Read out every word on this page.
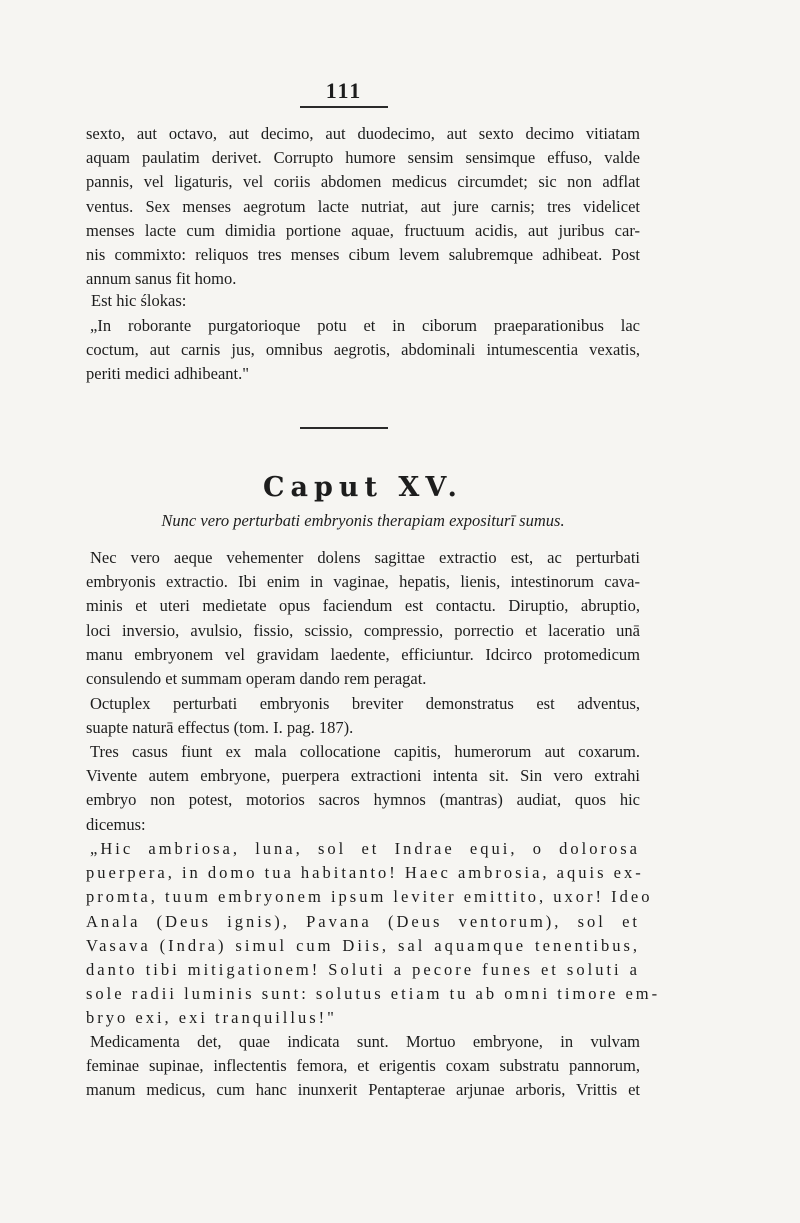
111
sexto, aut octavo, aut decimo, aut duodecimo, aut sexto decimo vitiatam
aquam paulatim derivet. Corrupto humore sensim sensimque effuso, valde
pannis, vel ligaturis, vel coriis abdomen medicus circumdet; sic non adflat
ventus. Sex menses aegrotum lacte nutriat, aut jure carnis; tres videlicet
menses lacte cum dimidia portione aquae, fructuum acidis, aut juribus car-
nis commixto: reliquos tres menses cibum levem salubremque adhibeat. Post
annum sanus fit homo.
Est hic ślokas:
„In roborante purgatorioque potu et in ciborum praeparationibus lac
coctum, aut carnis jus, omnibus aegrotis, abdominali intumescentia vexatis,
periti medici adhibeant."
Caput XV.
Nunc vero perturbati embryonis therapiam expositurī sumus.
Nec vero aeque vehementer dolens sagittae extractio est, ac perturbati
embryonis extractio. Ibi enim in vaginae, hepatis, lienis, intestinorum cava-
minis et uteri medietate opus faciendum est contactu. Diruptio, abruptio,
loci inversio, avulsio, fissio, scissio, compressio, porrectio et laceratio unā
manu embryonem vel gravidam laedente, efficiuntur. Idcirco protomedicum
consulendo et summam operam dando rem peragat.
Octuplex perturbati embryonis breviter demonstratus est adventus,
suapte naturā effectus (tom. I. pag. 187).
Tres casus fiunt ex mala collocatione capitis, humerorum aut coxarum.
Vivente autem embryone, puerpera extractioni intenta sit. Sin vero extrahi
embryo non potest, motorios sacros hymnos (mantras) audiat, quos hic
dicemus:
„Hic ambriosa, luna, sol et Indrae equi, o dolorosa
puerpera, in domo tua habitanto! Haec ambrosia, aquis ex-
promta, tuum embryonem ipsum leviter emittito, uxor! Ideo
Anala (Deus ignis), Pavana (Deus ventorum), sol et
Vasava (Indra) simul cum Diis, sal aquamque tenentibus,
danto tibi mitigationem! Soluti a pecore funes et soluti a
sole radii luminis sunt: solutus etiam tu ab omni timore em-
bryo exi, exi tranquillus!"
Medicamenta det, quae indicata sunt. Mortuo embryone, in vulvam
feminae supinae, inflectentis femora, et erigentis coxam substratu pannorum,
manum medicus, cum hanc inunxerit Pentapterae arjunae arboris, Vrittis et
